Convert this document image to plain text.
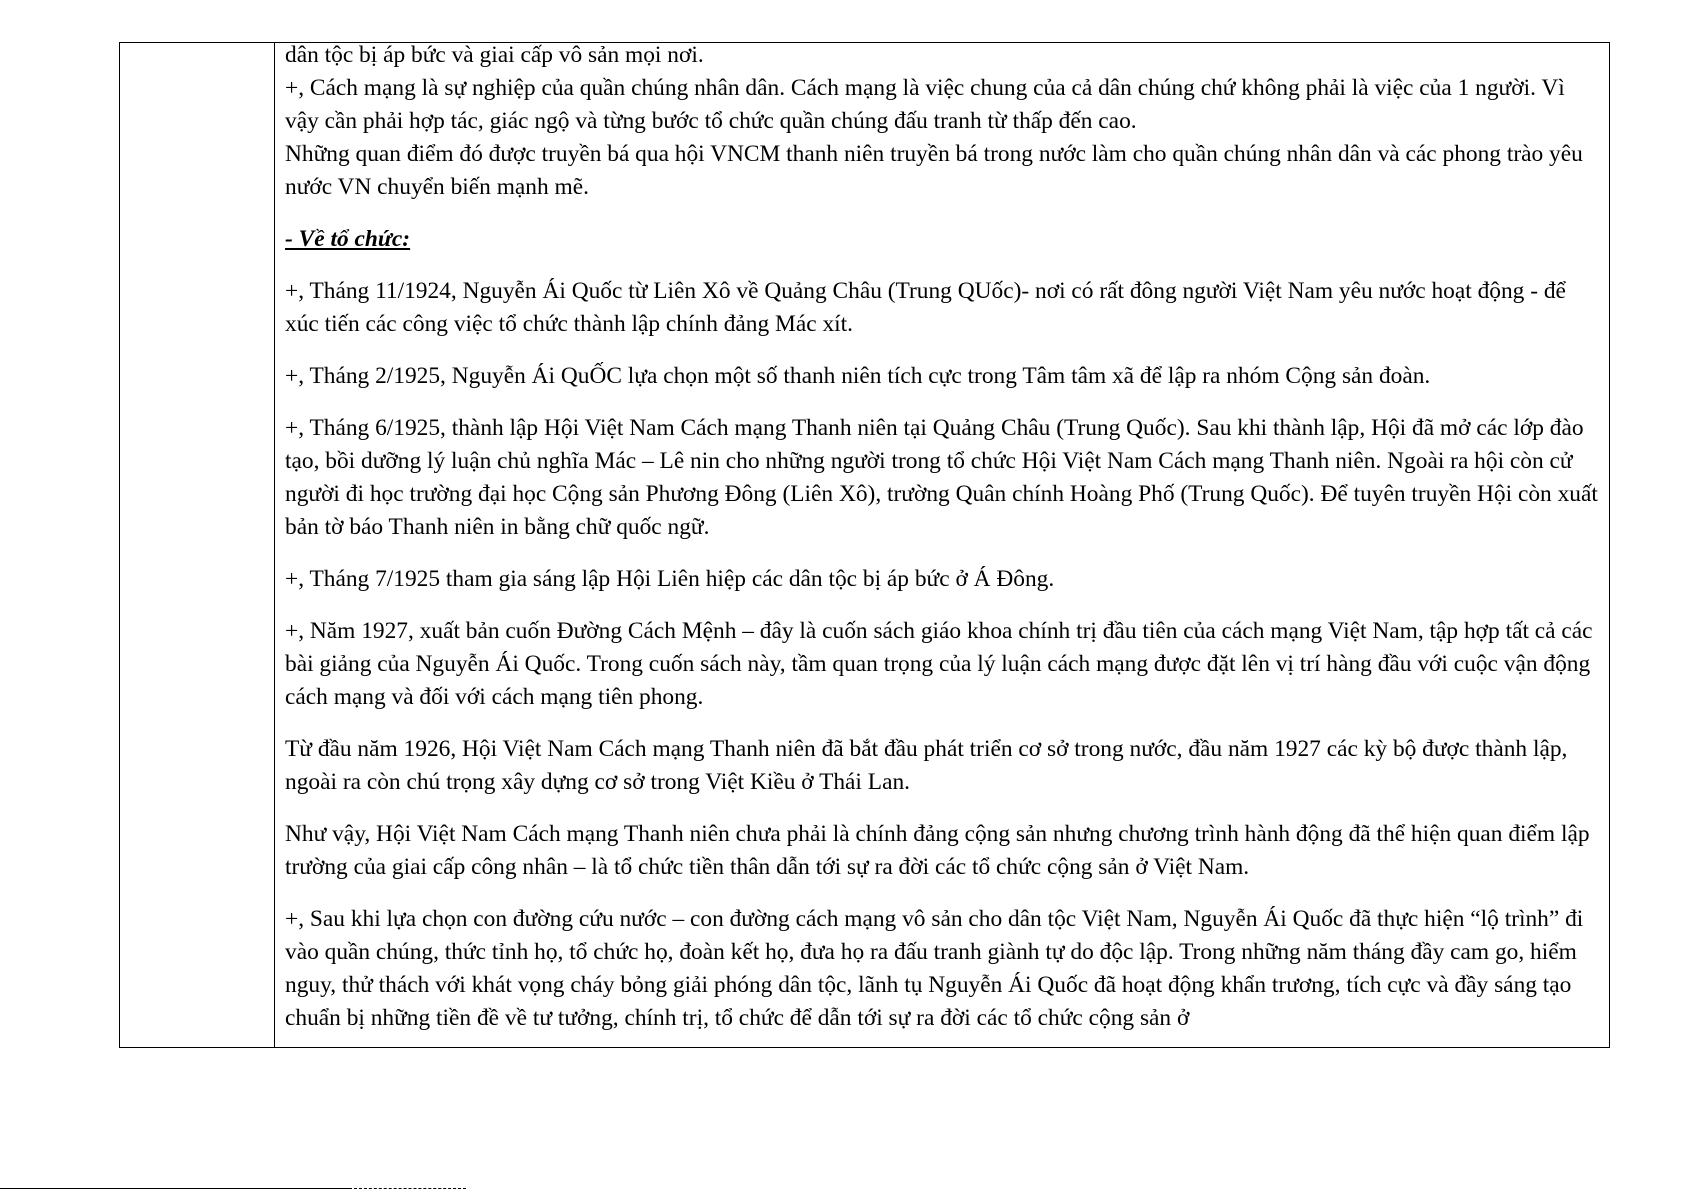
dân tộc bị áp bức và giai cấp vô sản mọi nơi.

+, Cách mạng là sự nghiệp của quần chúng nhân dân. Cách mạng là việc chung của cả dân chúng chứ không phải là việc của 1 người. Vì vậy cần phải hợp tác, giác ngộ và từng bước tổ chức quần chúng đấu tranh từ thấp đến cao.

Những quan điểm đó được truyền bá qua hội VNCM thanh niên truyền bá trong nước làm cho quần chúng nhân dân và các phong trào yêu nước VN chuyển biến mạnh mẽ.

- Về tổ chức:

+, Tháng 11/1924, Nguyễn Ái Quốc từ Liên Xô về Quảng Châu (Trung QUốc)- nơi có rất đông người Việt Nam yêu nước hoạt động - để xúc tiến các công việc tổ chức thành lập chính đảng Mác xít.

+, Tháng 2/1925, Nguyễn Ái QuỐC lựa chọn một số thanh niên tích cực trong Tâm tâm xã để lập ra nhóm Cộng sản đoàn.

+, Tháng 6/1925, thành lập Hội Việt Nam Cách mạng Thanh niên tại Quảng Châu (Trung Quốc). Sau khi thành lập, Hội đã mở các lớp đào tạo, bồi dưỡng lý luận chủ nghĩa Mác – Lê nin cho những người trong tổ chức Hội Việt Nam Cách mạng Thanh niên. Ngoài ra hội còn cử người đi học trường đại học Cộng sản Phương Đông (Liên Xô), trường Quân chính Hoàng Phố (Trung Quốc). Để tuyên truyền Hội còn xuất bản tờ báo Thanh niên in bằng chữ quốc ngữ.

+, Tháng 7/1925 tham gia sáng lập Hội Liên hiệp các dân tộc bị áp bức ở Á Đông.

+, Năm 1927, xuất bản cuốn Đường Cách Mệnh – đây là cuốn sách giáo khoa chính trị đầu tiên của cách mạng Việt Nam, tập hợp tất cả các bài giảng của Nguyễn Ái Quốc. Trong cuốn sách này, tầm quan trọng của lý luận cách mạng được đặt lên vị trí hàng đầu với cuộc vận động cách mạng và đối với cách mạng tiên phong.

Từ đầu năm 1926, Hội Việt Nam Cách mạng Thanh niên đã bắt đầu phát triển cơ sở trong nước, đầu năm 1927 các kỳ bộ được thành lập, ngoài ra còn chú trọng xây dựng cơ sở trong Việt Kiều ở Thái Lan.

Như vậy, Hội Việt Nam Cách mạng Thanh niên chưa phải là chính đảng cộng sản nhưng chương trình hành động đã thể hiện quan điểm lập trường của giai cấp công nhân – là tổ chức tiền thân dẫn tới sự ra đời các tổ chức cộng sản ở Việt Nam.

+, Sau khi lựa chọn con đường cứu nước – con đường cách mạng vô sản cho dân tộc Việt Nam, Nguyễn Ái Quốc đã thực hiện “lộ trình” đi vào quần chúng, thức tỉnh họ, tổ chức họ, đoàn kết họ, đưa họ ra đấu tranh giành tự do độc lập. Trong những năm tháng đầy cam go, hiểm nguy, thử thách với khát vọng cháy bỏng giải phóng dân tộc, lãnh tụ Nguyễn Ái Quốc đã hoạt động khẩn trương, tích cực và đầy sáng tạo chuẩn bị những tiền đề về tư tưởng, chính trị, tổ chức để dẫn tới sự ra đời các tổ chức cộng sản ở
